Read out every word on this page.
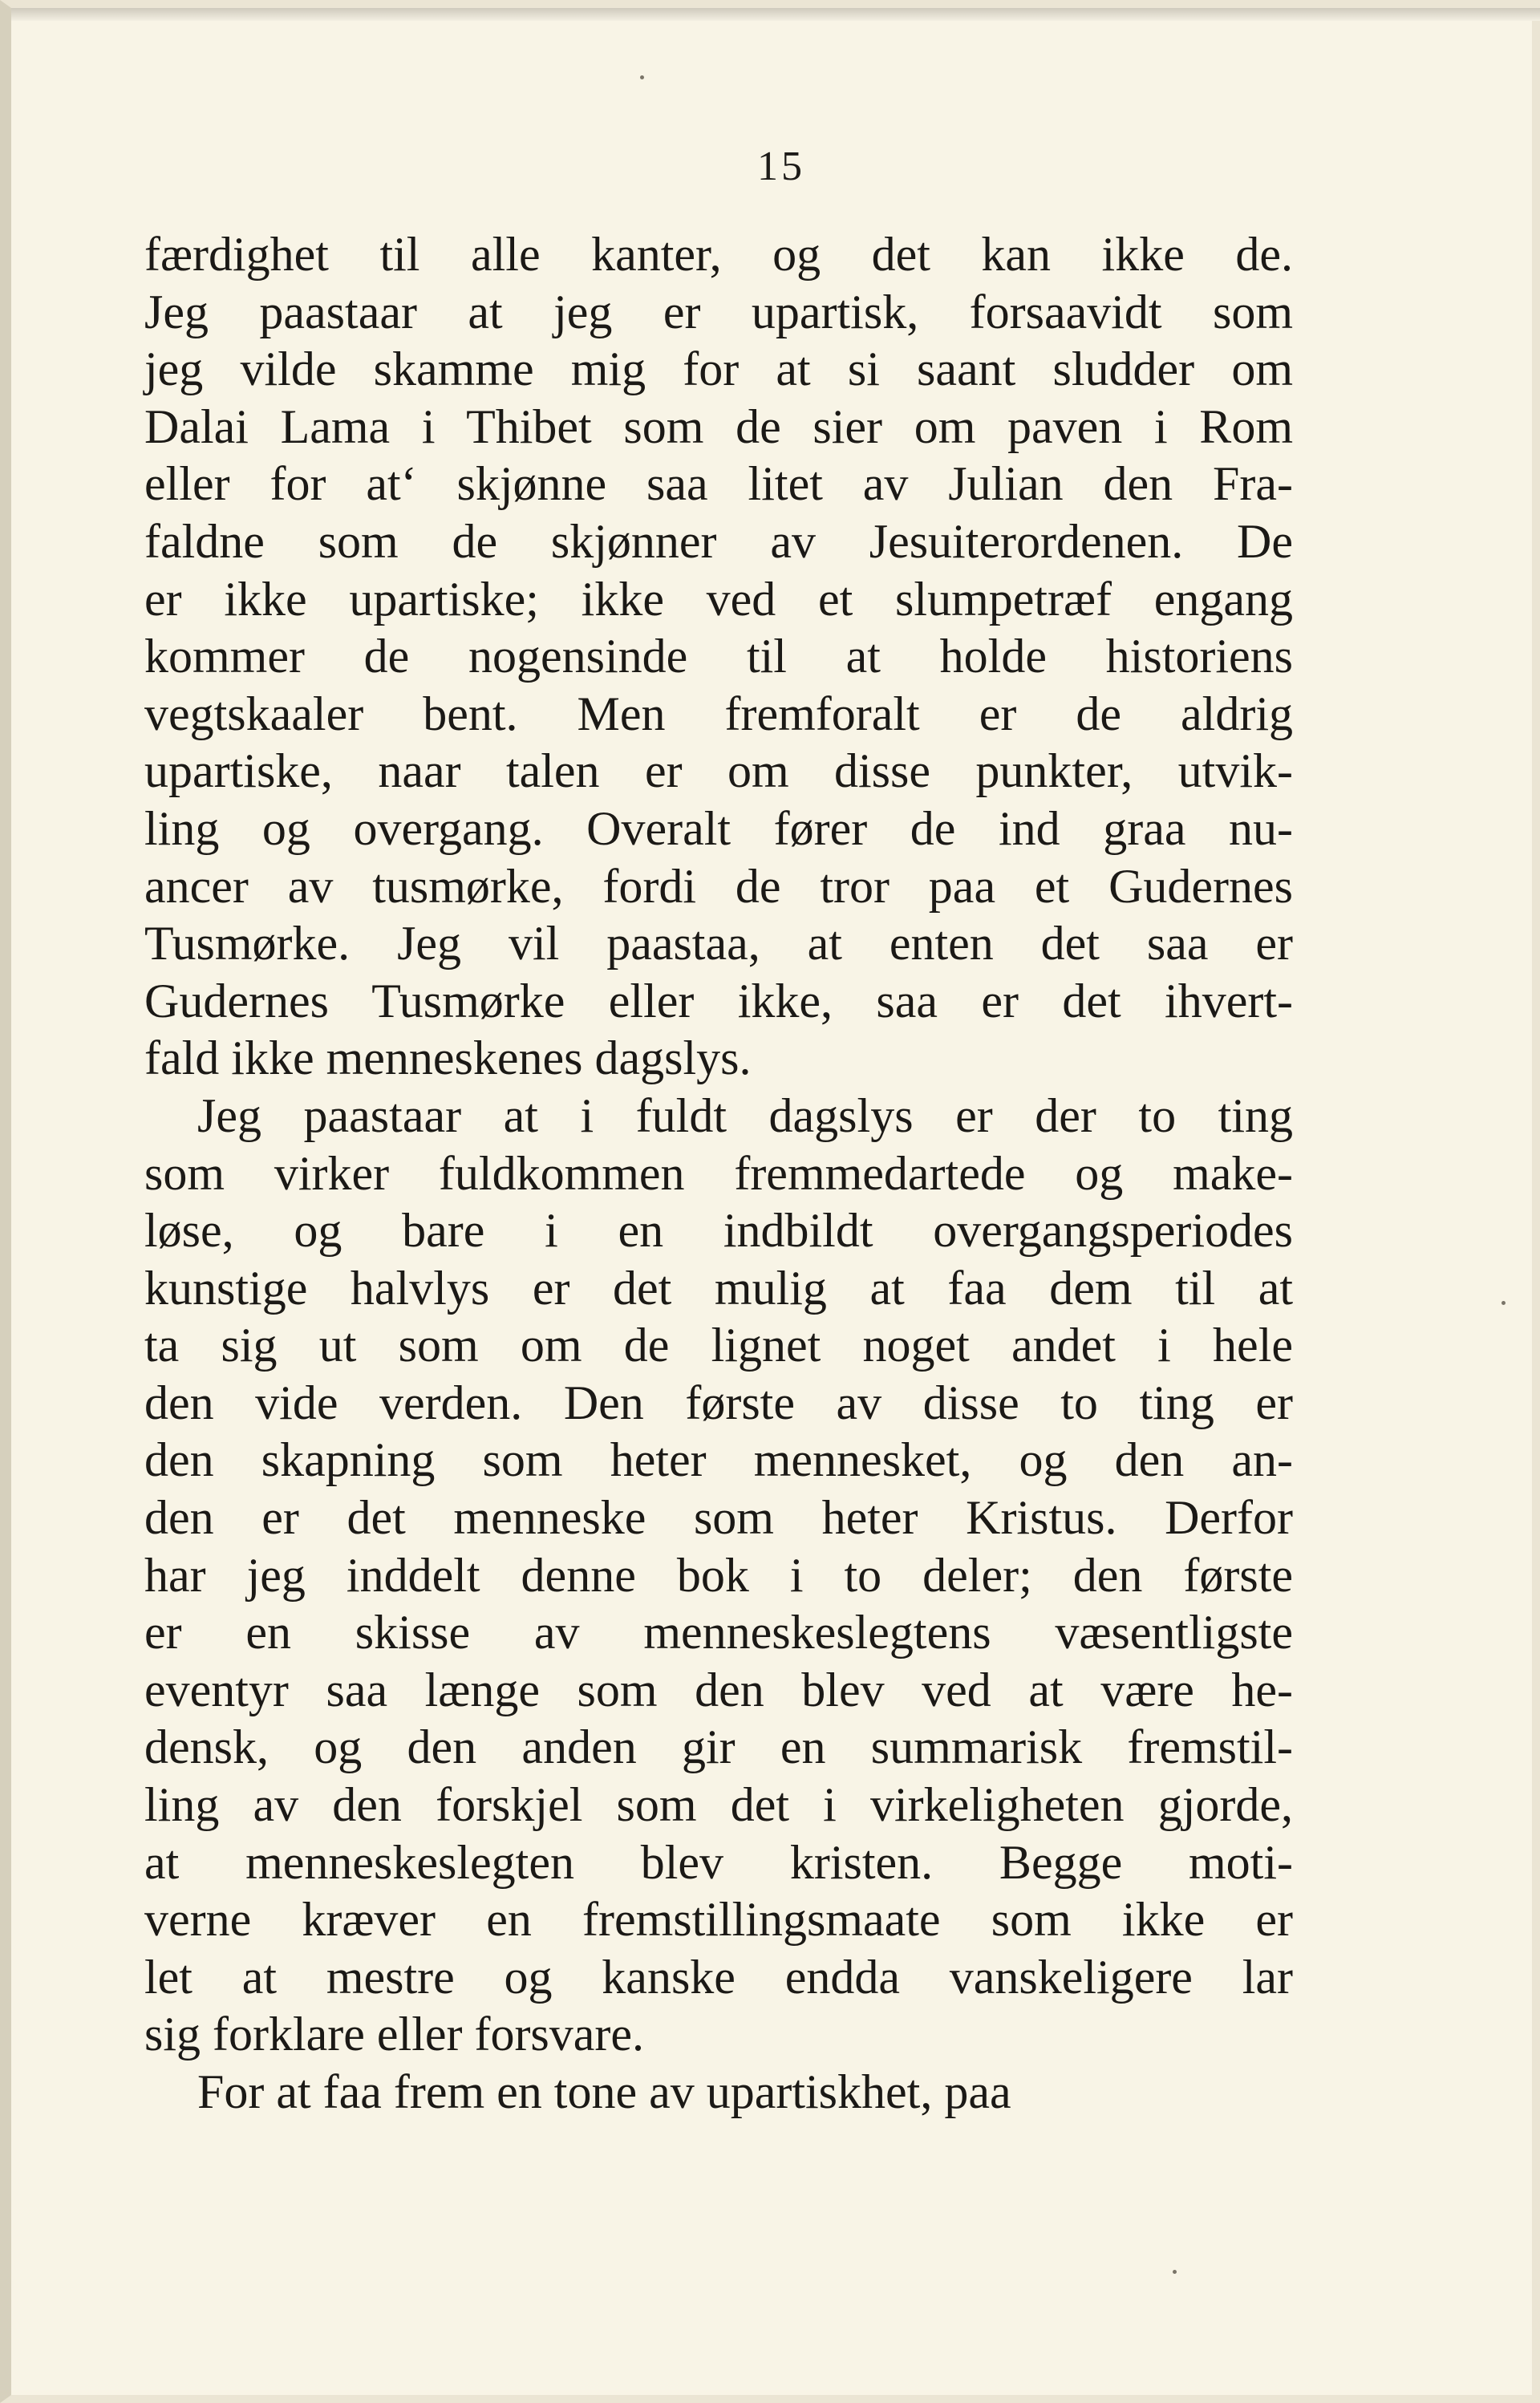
15
færdighet til alle kanter, og det kan ikke de.
Jeg paastaar at jeg er upartisk, forsaavidt som
jeg vilde skamme mig for at si saant sludder om
Dalai Lama i Thibet som de sier om paven i Rom
eller for at‘ skjønne saa litet av Julian den Fra-
faldne som de skjønner av Jesuiterordenen. De
er ikke upartiske; ikke ved et slumpetræf engang
kommer de nogensinde til at holde historiens
vegtskaaler bent. Men fremforalt er de aldrig
upartiske, naar talen er om disse punkter, utvik-
ling og overgang. Overalt fører de ind graa nu-
ancer av tusmørke, fordi de tror paa et Gudernes
Tusmørke. Jeg vil paastaa, at enten det saa er
Gudernes Tusmørke eller ikke, saa er det ihvert-
fald ikke menneskenes dagslys.
Jeg paastaar at i fuldt dagslys er der to ting
som virker fuldkommen fremmedartede og make-
løse, og bare i en indbildt overgangsperiodes
kunstige halvlys er det mulig at faa dem til at
ta sig ut som om de lignet noget andet i hele
den vide verden. Den første av disse to ting er
den skapning som heter mennesket, og den an-
den er det menneske som heter Kristus. Derfor
har jeg inddelt denne bok i to deler; den første
er en skisse av menneskeslegtens væsentligste
eventyr saa længe som den blev ved at være he-
densk, og den anden gir en summarisk fremstil-
ling av den forskjel som det i virkeligheten gjorde,
at menneskeslegten blev kristen. Begge moti-
verne kræver en fremstillingsmaate som ikke er
let at mestre og kanske endda vanskeligere lar
sig forklare eller forsvare.
For at faa frem en tone av upartiskhet, paa
